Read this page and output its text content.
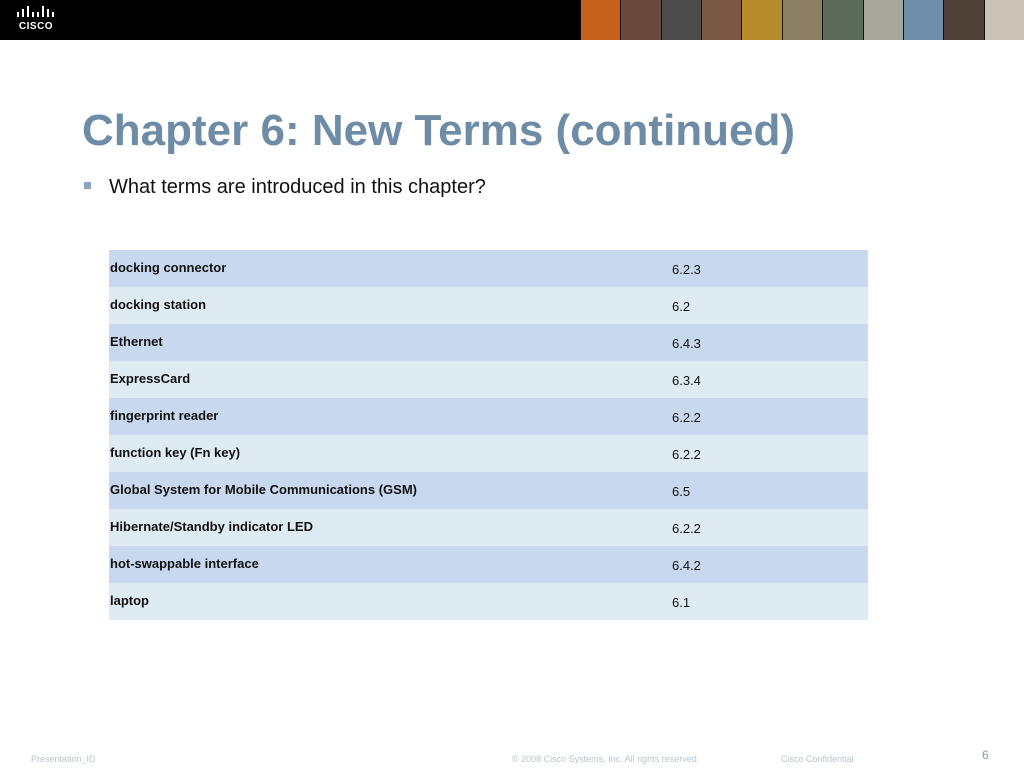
CISCO
Chapter 6: New Terms (continued)
What terms are introduced in this chapter?
docking connector	6.2.3
docking station	6.2
Ethernet	6.4.3
ExpressCard	6.3.4
fingerprint reader	6.2.2
function key (Fn key)	6.2.2
Global System for Mobile Communications (GSM)	6.5
Hibernate/Standby indicator LED	6.2.2
hot-swappable interface	6.4.2
laptop	6.1
Presentation_ID	© 2008 Cisco Systems, Inc. All rights reserved.	Cisco Confidential	6
